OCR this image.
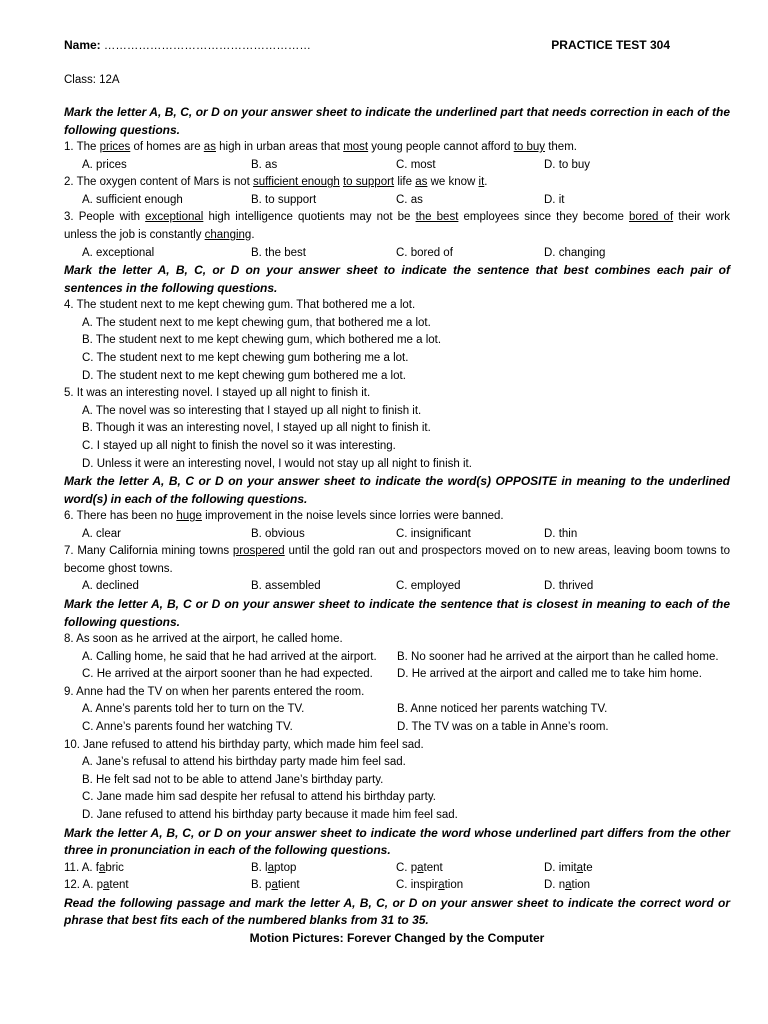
Name: ………………………………………………	PRACTICE TEST 304
Class: 12A
Mark the letter A, B, C, or D on your answer sheet to indicate the underlined part that needs correction in each of the following questions.
1. The prices of homes are as high in urban areas that most young people cannot afford to buy them.
A. prices	B. as	C. most	D. to buy
2. The oxygen content of Mars is not sufficient enough to support life as we know it.
A. sufficient enough	B. to support	C. as	D. it
3. People with exceptional high intelligence quotients may not be the best employees since they become bored of their work unless the job is constantly changing.
A. exceptional	B. the best	C. bored of	D. changing
Mark the letter A, B, C, or D on your answer sheet to indicate the sentence that best combines each pair of sentences in the following questions.
4. The student next to me kept chewing gum. That bothered me a lot.
A. The student next to me kept chewing gum, that bothered me a lot.
B. The student next to me kept chewing gum, which bothered me a lot.
C. The student next to me kept chewing gum bothering me a lot.
D. The student next to me kept chewing gum bothered me a lot.
5. It was an interesting novel. I stayed up all night to finish it.
A. The novel was so interesting that I stayed up all night to finish it.
B. Though it was an interesting novel, I stayed up all night to finish it.
C. I stayed up all night to finish the novel so it was interesting.
D. Unless it were an interesting novel, I would not stay up all night to finish it.
Mark the letter A, B, C or D on your answer sheet to indicate the word(s) OPPOSITE in meaning to the underlined word(s) in each of the following questions.
6. There has been no huge improvement in the noise levels since lorries were banned.
A. clear	B. obvious	C. insignificant	D. thin
7. Many California mining towns prospered until the gold ran out and prospectors moved on to new areas, leaving boom towns to become ghost towns.
A. declined	B. assembled	C. employed	D. thrived
Mark the letter A, B, C or D on your answer sheet to indicate the sentence that is closest in meaning to each of the following questions.
8. As soon as he arrived at the airport, he called home.
A. Calling home, he said that he had arrived at the airport.	B. No sooner had he arrived at the airport than he called home.
C. He arrived at the airport sooner than he had expected.	D. He arrived at the airport and called me to take him home.
9. Anne had the TV on when her parents entered the room.
A. Anne’s parents told her to turn on the TV.	B. Anne noticed her parents watching TV.
C. Anne’s parents found her watching TV.	D. The TV was on a table in Anne’s room.
10. Jane refused to attend his birthday party, which made him feel sad.
A. Jane’s refusal to attend his birthday party made him feel sad.
B. He felt sad not to be able to attend Jane’s birthday party.
C. Jane made him sad despite her refusal to attend his birthday party.
D. Jane refused to attend his birthday party because it made him feel sad.
Mark the letter A, B, C, or D on your answer sheet to indicate the word whose underlined part differs from the other three in pronunciation in each of the following questions.
11. A. fabric	B. laptop	C. patent	D. imitate
12. A. patent	B. patient	C. inspiration	D. nation
Read the following passage and mark the letter A, B, C, or D on your answer sheet to indicate the correct word or phrase that best fits each of the numbered blanks from 31 to 35.
Motion Pictures: Forever Changed by the Computer
